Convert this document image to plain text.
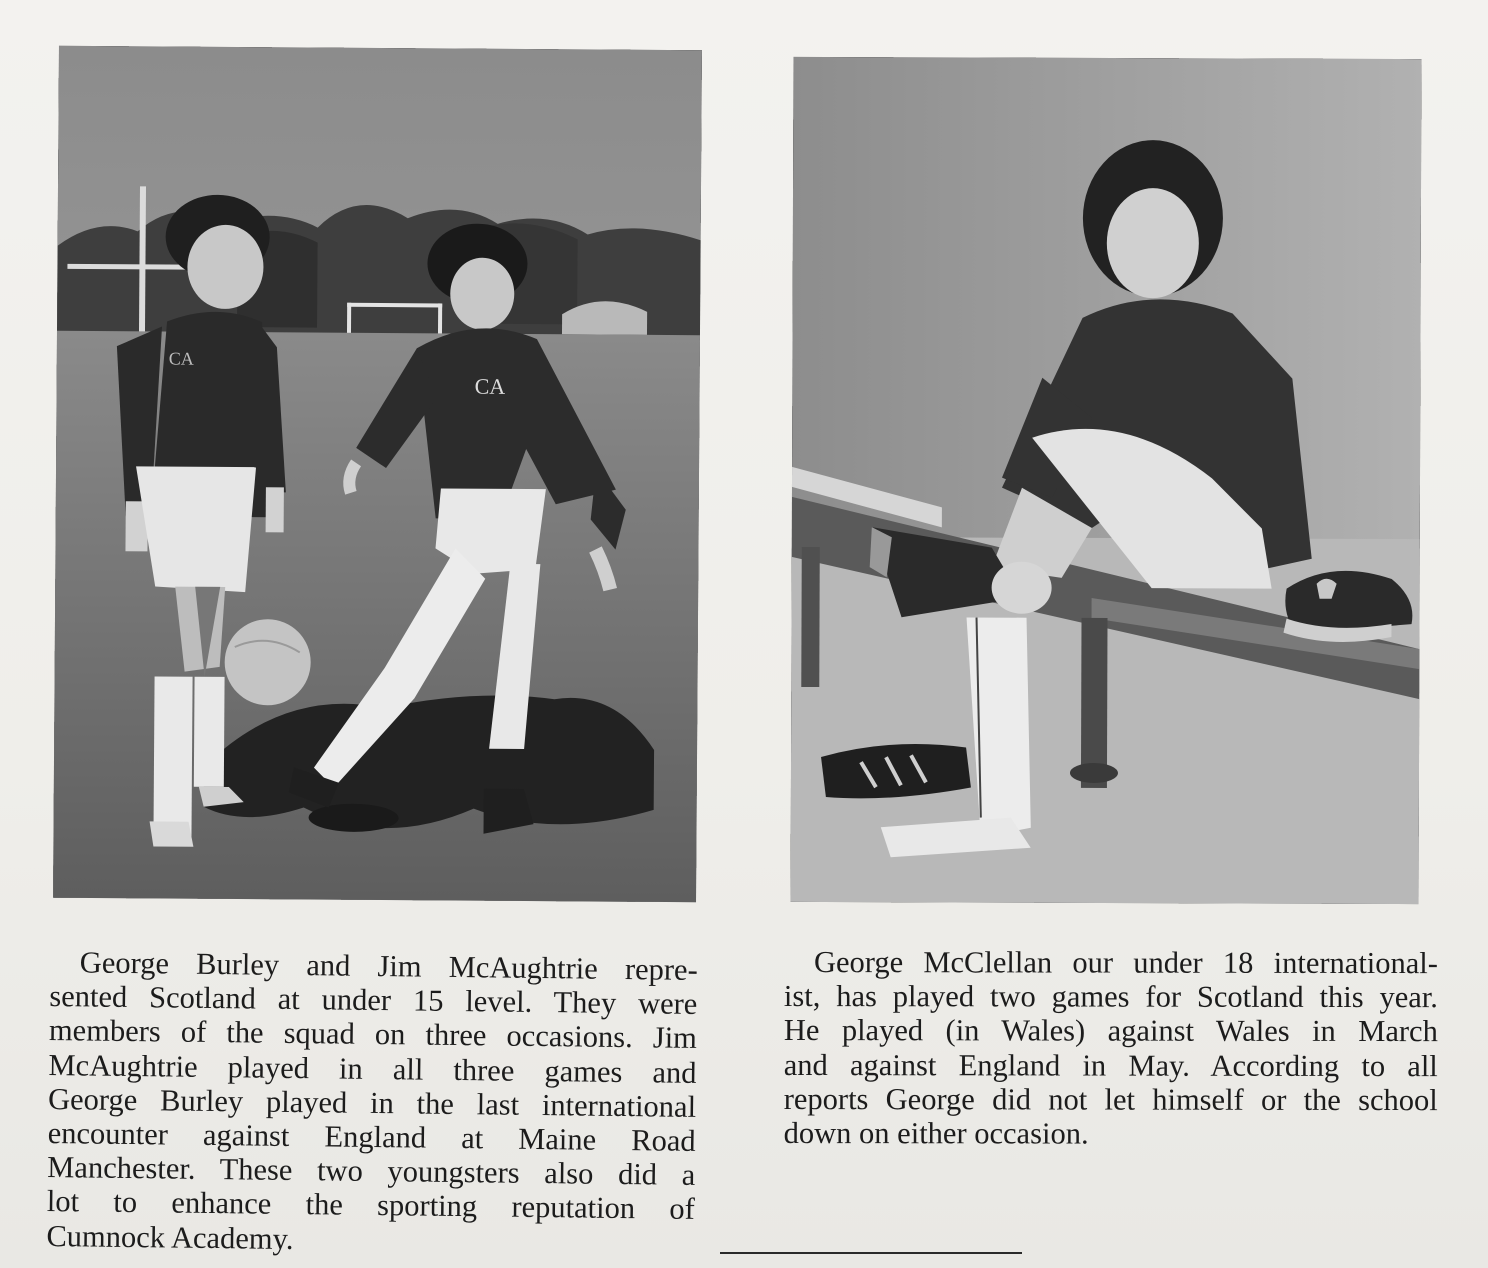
CA
CA
George Burley and Jim McAughtrie repre-
sented Scotland at under 15 level. They were
members of the squad on three occasions. Jim
McAughtrie played in all three games and
George Burley played in the last international
encounter against England at Maine Road
Manchester. These two youngsters also did a
lot to enhance the sporting reputation of
Cumnock Academy.
George McClellan our under 18 international-
ist, has played two games for Scotland this year.
He played (in Wales) against Wales in March
and against England in May. According to all
reports George did not let himself or the school
down on either occasion.
